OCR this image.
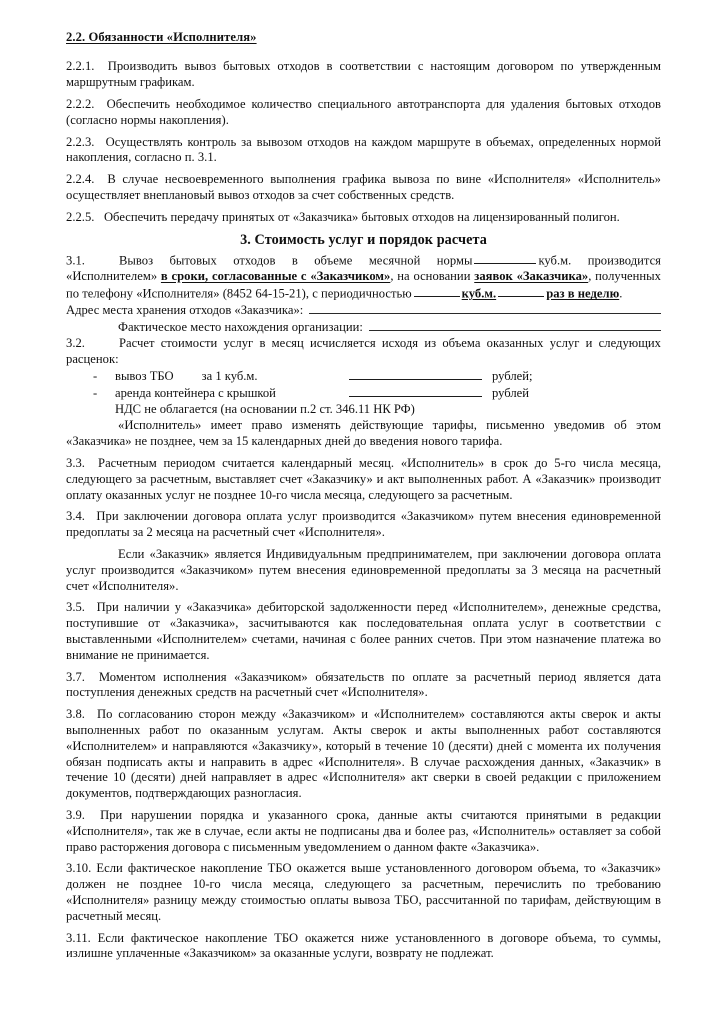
2.2. Обязанности «Исполнителя»

2.2.1.  Производить вывоз бытовых отходов в соответствии с настоящим договором по утвержденным маршрутным графикам.

2.2.2.  Обеспечить необходимое количество специального автотранспорта для удаления бытовых отходов (согласно нормы накопления).

2.2.3.  Осуществлять контроль за вывозом отходов на каждом маршруте в объемах, определенных нормой накопления, согласно п. 3.1.

2.2.4.  В случае несвоевременного выполнения графика вывоза по вине «Исполнителя» «Исполнитель» осуществляет внеплановый вывоз отходов за счет собственных средств.

2.2.5.  Обеспечить передачу принятых от «Заказчика» бытовых отходов на лицензированный полигон.

3. Стоимость услуг и порядок расчета

3.1.	Вывоз бытовых отходов в объеме месячной нормы	куб.м. производится «Исполнителем» в сроки, согласованные с «Заказчиком», на основании заявок «Заказчика», полученных по телефону «Исполнителя» (8452 64-15-21), с периодичностью	куб.м.	раз в неделю.

Адрес места хранения отходов «Заказчика»:

Фактическое место нахождения организации:

3.2.	Расчет стоимости услуг в месяц исчисляется исходя из объема оказанных услуг и следующих расценок:

-	вывоз ТБО за 1 куб.м.	рублей;
-	аренда контейнера с крышкой	рублей

НДС не облагается (на основании п.2 ст. 346.11 НК РФ)

«Исполнитель» имеет право изменять действующие тарифы, письменно уведомив об этом «Заказчика» не позднее, чем за 15 календарных дней до введения нового тарифа.

3.3.  Расчетным периодом считается календарный месяц. «Исполнитель» в срок до 5-го числа месяца, следующего за расчетным, выставляет счет «Заказчику» и акт выполненных работ. А «Заказчик» производит оплату оказанных услуг не позднее 10-го числа месяца, следующего за расчетным.

3.4.  При заключении договора оплата услуг производится «Заказчиком» путем внесения единовременной предоплаты за 2 месяца на расчетный счет «Исполнителя».

Если «Заказчик» является Индивидуальным предпринимателем, при заключении договора оплата услуг производится «Заказчиком» путем внесения единовременной предоплаты за 3 месяца на расчетный счет «Исполнителя».

3.5.  При наличии у «Заказчика» дебиторской задолженности перед «Исполнителем», денежные средства, поступившие от «Заказчика», засчитываются как последовательная оплата услуг в соответствии с выставленными «Исполнителем» счетами, начиная с более ранних счетов. При этом назначение платежа во внимание не принимается.

3.7.  Моментом исполнения «Заказчиком» обязательств по оплате за расчетный период является дата поступления денежных средств на расчетный счет «Исполнителя».

3.8.  По согласованию сторон между «Заказчиком» и «Исполнителем» составляются акты сверок и акты выполненных работ по оказанным услугам. Акты сверок и акты выполненных работ составляются «Исполнителем» и направляются «Заказчику», который в течение 10 (десяти) дней с момента их получения обязан подписать акты и направить в адрес «Исполнителя». В случае расхождения данных, «Заказчик» в течение 10 (десяти) дней направляет в адрес «Исполнителя» акт сверки в своей редакции с приложением документов, подтверждающих разногласия.

3.9.  При нарушении порядка и указанного срока, данные акты считаются принятыми в редакции «Исполнителя», так же в случае, если акты не подписаны два и более раз, «Исполнитель» оставляет за собой право расторжения договора с письменным уведомлением о данном факте «Заказчика».

3.10. Если фактическое накопление ТБО окажется выше установленного договором объема, то «Заказчик» должен не позднее 10-го числа месяца, следующего за расчетным, перечислить по требованию «Исполнителя» разницу между стоимостью оплаты вывоза ТБО, рассчитанной по тарифам, действующим в расчетный месяц.

3.11. Если фактическое накопление ТБО окажется ниже установленного в договоре объема, то суммы, излишне уплаченные «Заказчиком» за оказанные услуги, возврату не подлежат.
